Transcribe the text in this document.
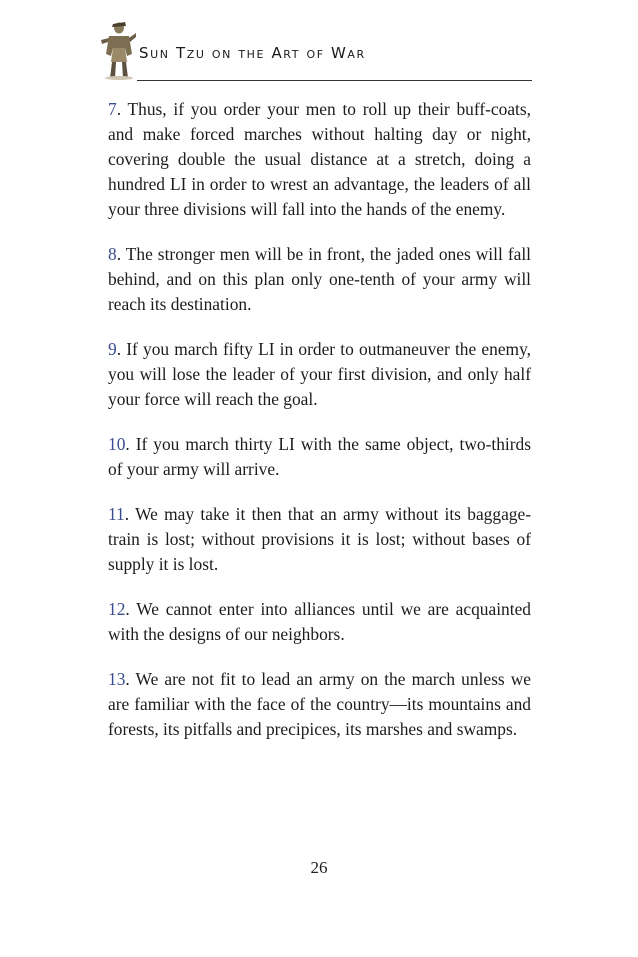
Sun Tzu on the Art of War

7. Thus, if you order your men to roll up their buff-coats, and make forced marches without halting day or night, covering double the usual distance at a stretch, doing a hundred LI in order to wrest an advantage, the leaders of all your three divisions will fall into the hands of the enemy.

8. The stronger men will be in front, the jaded ones will fall behind, and on this plan only one-tenth of your army will reach its destination.

9. If you march fifty LI in order to outmaneuver the enemy, you will lose the leader of your first division, and only half your force will reach the goal.

10. If you march thirty LI with the same object, two-thirds of your army will arrive.

11. We may take it then that an army without its baggage-train is lost; without provisions it is lost; without bases of supply it is lost.

12. We cannot enter into alliances until we are acquainted with the designs of our neighbors.

13. We are not fit to lead an army on the march unless we are familiar with the face of the country—its mountains and forests, its pitfalls and precipices, its marshes and swamps.

26
